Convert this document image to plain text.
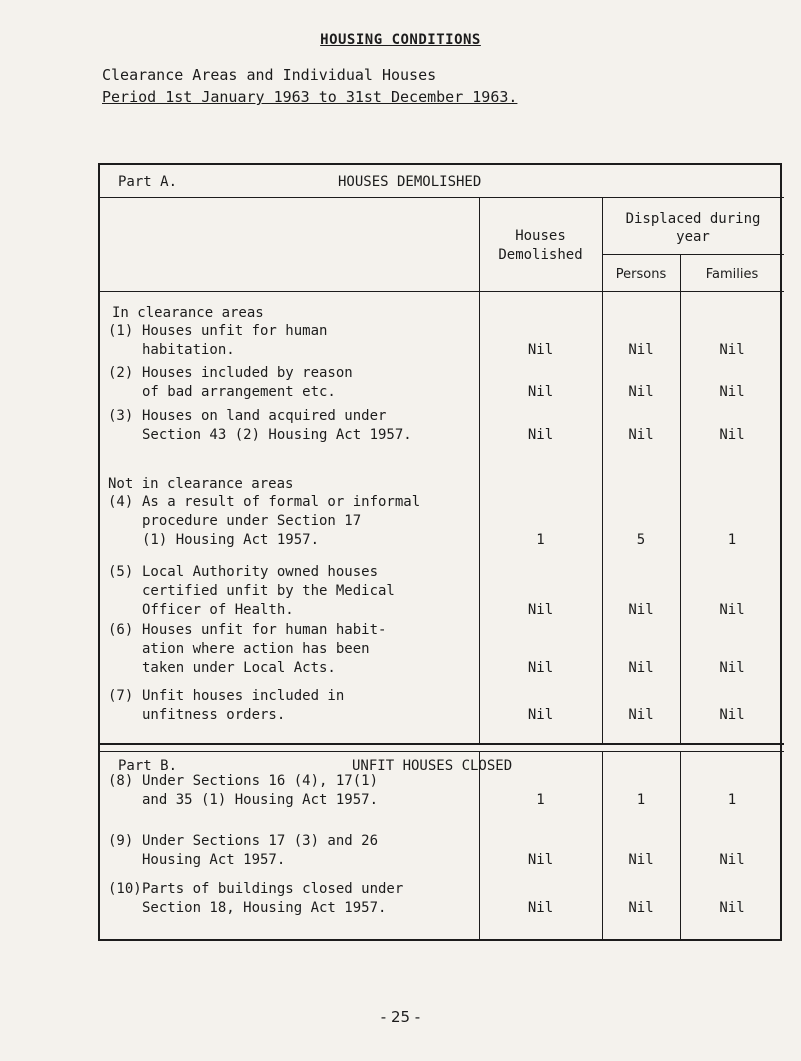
HOUSING CONDITIONS
Clearance Areas and Individual Houses
Period 1st January 1963 to 31st December 1963.
Part A.	HOUSES DEMOLISHED
Houses
Demolished
Displaced during
year
Persons	Families
In clearance areas
Not in clearance areas
(1) Houses unfit for human
habitation.	Nil	Nil	Nil
(2) Houses included by reason
of bad arrangement etc.	Nil	Nil	Nil
(3) Houses on land acquired under
Section 43 (2) Housing Act 1957.	Nil	Nil	Nil
(4) As a result of formal or informal
procedure under Section 17
(1) Housing Act 1957.	1	5	1
(5) Local Authority owned houses
certified unfit by the Medical
Officer of Health.	Nil	Nil	Nil
(6) Houses unfit for human habit-
ation where action has been
taken under Local Acts.	Nil	Nil	Nil
(7) Unfit houses included in
unfitness orders.	Nil	Nil	Nil
Part B.	UNFIT HOUSES CLOSED
(8) Under Sections 16 (4), 17(1)
and 35 (1) Housing Act 1957.	1	1	1
(9) Under Sections 17 (3) and 26
Housing Act 1957.	Nil	Nil	Nil
(10) Parts of buildings closed under
Section 18, Housing Act 1957.	Nil	Nil	Nil
- 25 -
